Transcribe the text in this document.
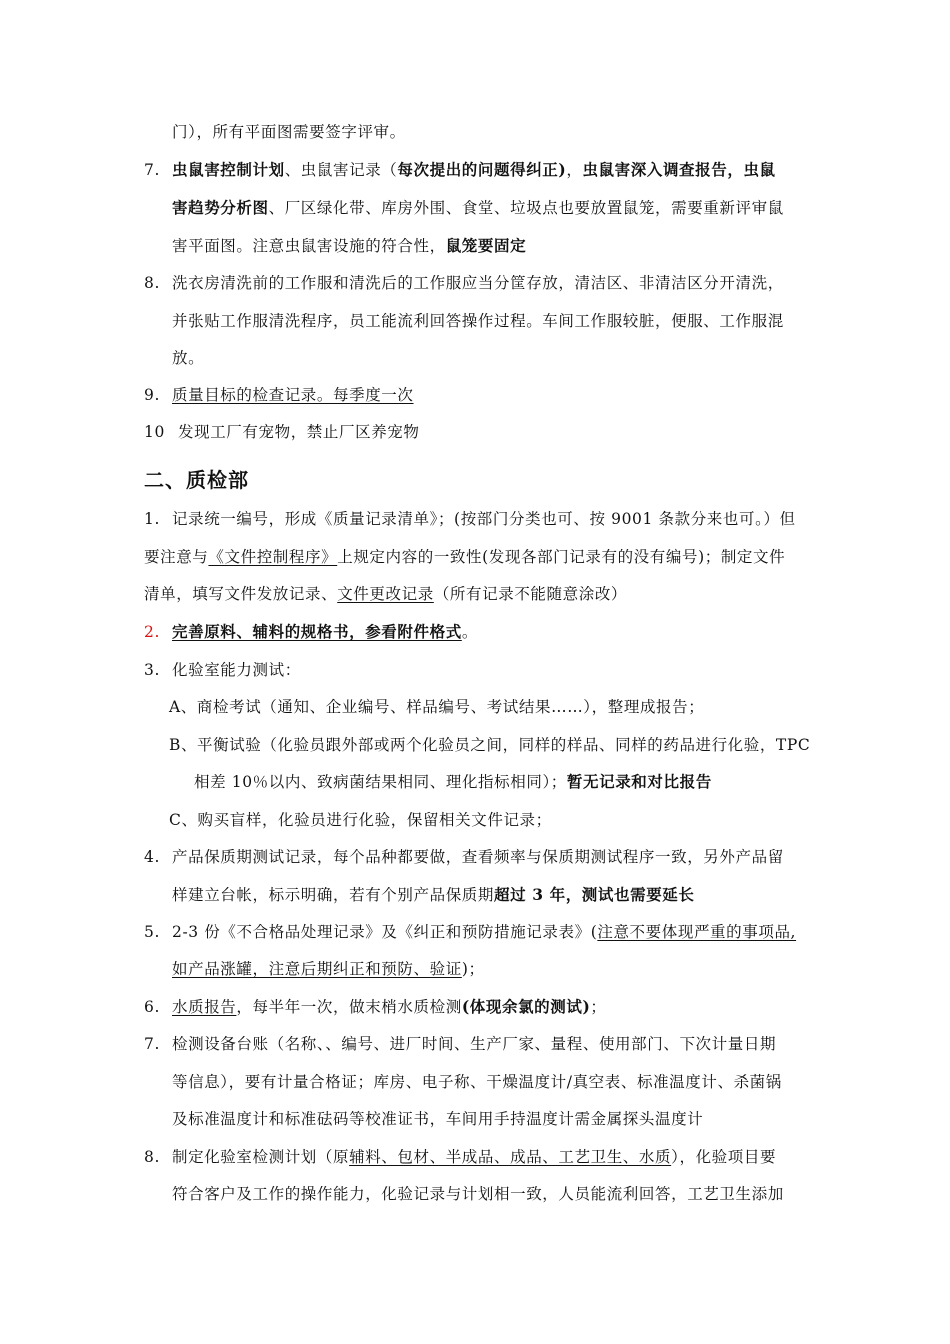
门），所有平面图需要签字评审。
7. 虫鼠害控制计划、虫鼠害记录（每次提出的问题得纠正)，虫鼠害深入调查报告，虫鼠
害趋势分析图、厂区绿化带、库房外围、食堂、垃圾点也要放置鼠笼，需要重新评审鼠
害平面图。注意虫鼠害设施的符合性，鼠笼要固定
8. 洗衣房清洗前的工作服和清洗后的工作服应当分筐存放，清洁区、非清洁区分开清洗，
并张贴工作服清洗程序，员工能流利回答操作过程。车间工作服较脏，便服、工作服混
放。
9. 质量目标的检查记录。每季度一次
10 发现工厂有宠物，禁止厂区养宠物
二、质检部
1. 记录统一编号，形成《质量记录清单》；(按部门分类也可、按 9001 条款分来也可。）但
要注意与《文件控制程序》上规定内容的一致性(发现各部门记录有的没有编号)；制定文件
清单，填写文件发放记录、文件更改记录（所有记录不能随意涂改）
2. 完善原料、辅料的规格书，参看附件格式。
3. 化验室能力测试：
A、商检考试（通知、企业编号、样品编号、考试结果……），整理成报告；
B、平衡试验（化验员跟外部或两个化验员之间，同样的样品、同样的药品进行化验，TPC
相差 10％以内、致病菌结果相同、理化指标相同）；暂无记录和对比报告
C、购买盲样，化验员进行化验，保留相关文件记录；
4. 产品保质期测试记录，每个品种都要做，查看频率与保质期测试程序一致，另外产品留
样建立台帐，标示明确，若有个别产品保质期超过 3 年，测试也需要延长
5. 2-3 份《不合格品处理记录》及《纠正和预防措施记录表》(注意不要体现严重的事项品,
如产品涨罐，注意后期纠正和预防、验证)；
6. 水质报告，每半年一次，做末梢水质检测(体现余氯的测试)；
7. 检测设备台账（名称、、编号、进厂时间、生产厂家、量程、使用部门、下次计量日期
等信息），要有计量合格证；库房、电子称、干燥温度计/真空表、标准温度计、杀菌锅
及标准温度计和标准砝码等校准证书，车间用手持温度计需金属探头温度计
8. 制定化验室检测计划（原辅料、包材、半成品、成品、工艺卫生、水质），化验项目要
符合客户及工作的操作能力，化验记录与计划相一致，人员能流利回答，工艺卫生添加
